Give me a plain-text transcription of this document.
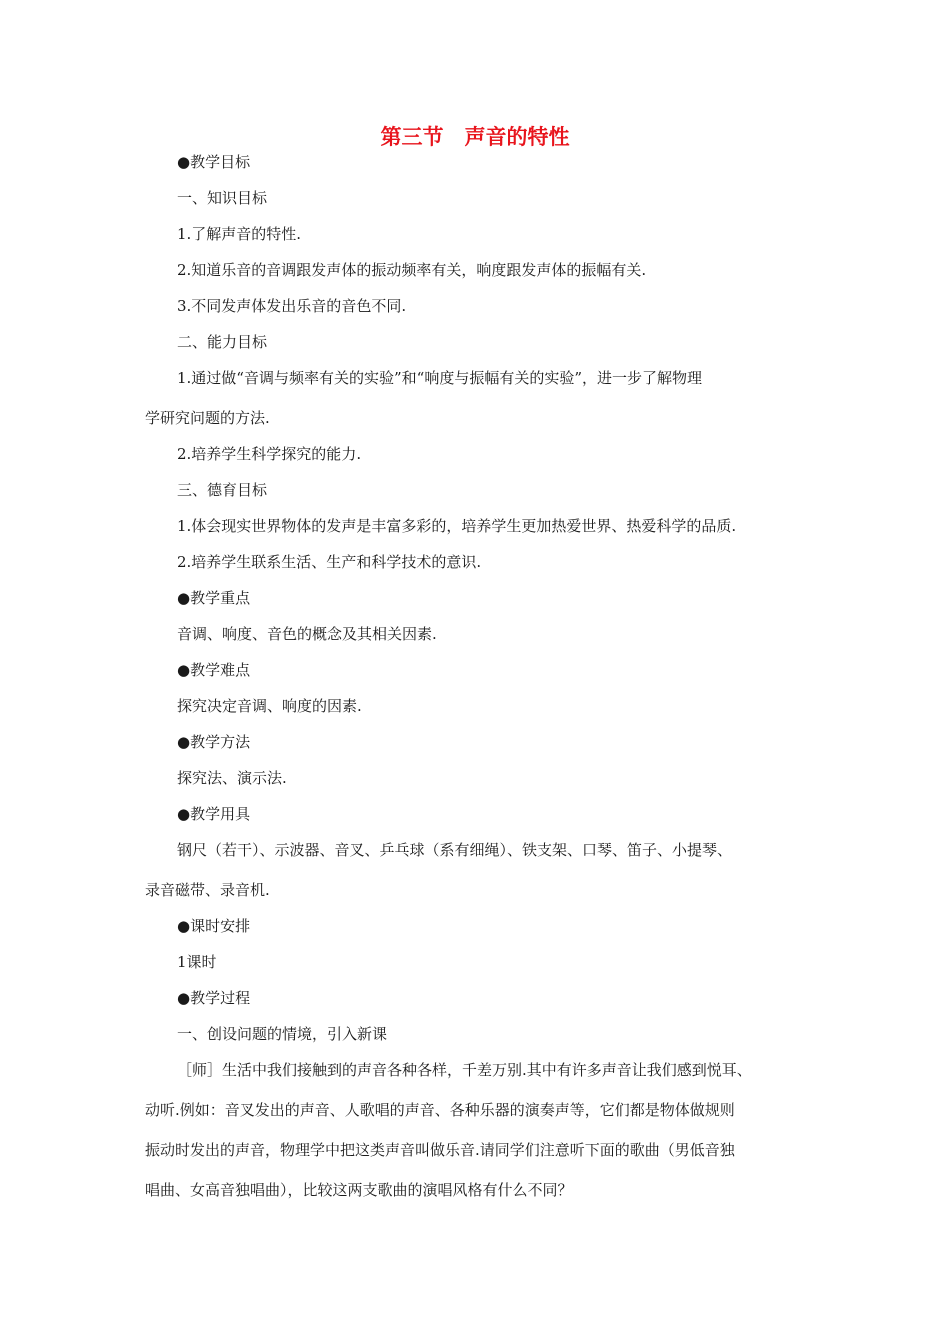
第三节　声音的特性
●教学目标
一、知识目标
1.了解声音的特性.
2.知道乐音的音调跟发声体的振动频率有关，响度跟发声体的振幅有关.
3.不同发声体发出乐音的音色不同.
二、能力目标
1.通过做“音调与频率有关的实验”和“响度与振幅有关的实验”，进一步了解物理
学研究问题的方法.
2.培养学生科学探究的能力.
三、德育目标
1.体会现实世界物体的发声是丰富多彩的，培养学生更加热爱世界、热爱科学的品质.
2.培养学生联系生活、生产和科学技术的意识.
●教学重点
音调、响度、音色的概念及其相关因素.
●教学难点
探究决定音调、响度的因素.
●教学方法
探究法、演示法.
●教学用具
钢尺（若干）、示波器、音叉、乒乓球（系有细绳）、铁支架、口琴、笛子、小提琴、
录音磁带、录音机.
●课时安排
1课时
●教学过程
一、创设问题的情境，引入新课
［师］生活中我们接触到的声音各种各样，千差万别.其中有许多声音让我们感到悦耳、
动听.例如：音叉发出的声音、人歌唱的声音、各种乐器的演奏声等，它们都是物体做规则
振动时发出的声音，物理学中把这类声音叫做乐音.请同学们注意听下面的歌曲（男低音独
唱曲、女高音独唱曲），比较这两支歌曲的演唱风格有什么不同？
